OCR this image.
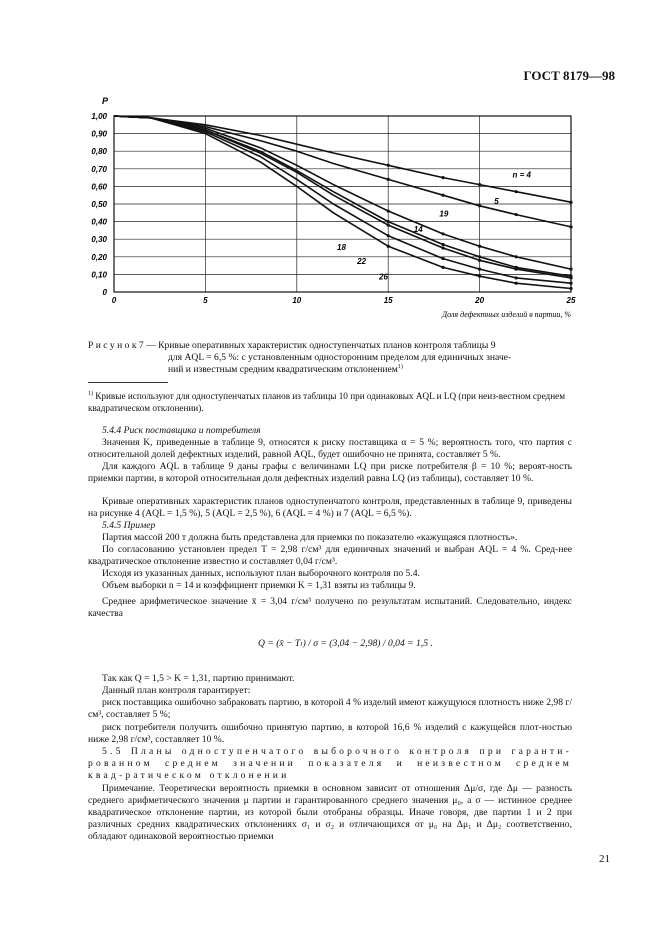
ГОСТ 8179—98
0
0,10
0,20
0,30
0,40
0,50
0,60
0,70
0,80
0,90
1,00
0	5	10	15	20	25
P
Доля дефектных изделий в партии, %
n = 4
5
14
18
19
22
26
Р и с у н о к 7 — Кривые оперативных характеристик одноступенчатых планов контроля таблицы 9
для AQL = 6,5 %: с установленным односторонним пределом для единичных значе-
ний и известным средним квадратическим отклонением$^{1)}$
$^{1)}$ Кривые используют для одноступенчатых планов из таблицы 10 при одинаковых AQL и LQ (при неиз-вестном среднем квадратическом отклонении).

5.4.4 Риск поставщика и потребителя

Значения K, приведенные в таблице 9, относятся к риску поставщика α = 5 %; вероятность того, что партия с относительной долей дефектных изделий, равной AQL, будет ошибочно не принята, составляет 5 %.

Для каждого AQL в таблице 9 даны графы с величинами LQ при риске потребителя β = 10 %; вероят-ность приемки партии, в которой относительная доля дефектных изделий равна LQ (из таблицы), составляет 10 %.

Кривые оперативных характеристик планов одноступенчатого контроля, представленных в таблице 9, приведены на рисунке 4 (AQL = 1,5 %), 5 (AQL = 2,5 %), 6 (AQL = 4 %) и 7 (AQL = 6,5 %).

5.4.5 Пример

Партия массой 200 т должна быть представлена для приемки по показателю «кажущаяся плотность».

По согласованию установлен предел T = 2,98 г/см³ для единичных значений и выбран AQL = 4 %. Сред-нее квадратическое отклонение известно и составляет 0,04 г/см³.

Исходя из указанных данных, используют план выборочного контроля по 5.4.

Объем выборки n = 14 и коэффициент приемки K = 1,31 взяты из таблицы 9.

Среднее арифметическое значение x̄ = 3,04 г/см³ получено по результатам испытаний. Следовательно, индекс качества

Q = (x̄ − Tₗ) / σ = (3,04 − 2,98) / 0,04 = 1,5 .

Так как Q = 1,5 > K = 1,31, партию принимают.

Данный план контроля гарантирует:

риск поставщика ошибочно забраковать партию, в которой 4 % изделий имеют кажущуюся плотность ниже 2,98 г/см³, составляет 5 %;

риск потребителя получить ошибочно принятую партию, в которой 16,6 % изделий с кажущейся плот-ностью ниже 2,98 г/см³, составляет 10 %.

5.5 Планы одноступенчатого выборочного контроля при гаранти-рованном среднем значении показателя и неизвестном среднем квад-ратическом отклонении

Примечание. Теоретически вероятность приемки в основном зависит от отношения Δμ/σ, где Δμ — разность среднего арифметического значения μ партии и гарантированного среднего значения μ₀, а σ — истинное среднее квадратическое отклонение партии, из которой были отобраны образцы. Иначе говоря, две партии 1 и 2 при различных средних квадратических отклонениях σ₁ и σ₂ и отличающихся от μ₀ на Δμ₁ и Δμ₂ соответственно, обладают одинаковой вероятностью приемки

21
